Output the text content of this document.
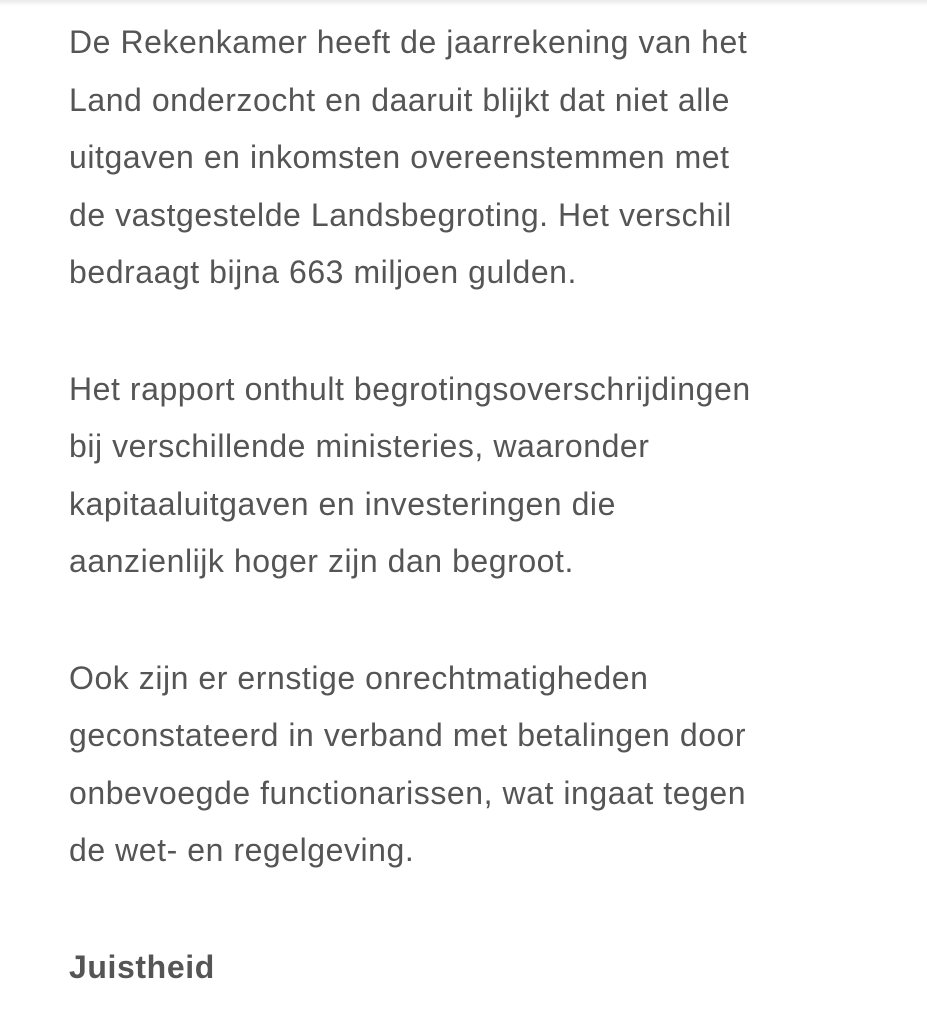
De Rekenkamer heeft de jaarrekening van het
Land onderzocht en daaruit blijkt dat niet alle
uitgaven en inkomsten overeenstemmen met
de vastgestelde Landsbegroting. Het verschil
bedraagt bijna 663 miljoen gulden.

Het rapport onthult begrotingsoverschrijdingen
bij verschillende ministeries, waaronder
kapitaaluitgaven en investeringen die
aanzienlijk hoger zijn dan begroot.

Ook zijn er ernstige onrechtmatigheden
geconstateerd in verband met betalingen door
onbevoegde functionarissen, wat ingaat tegen
de wet- en regelgeving.

Juistheid
